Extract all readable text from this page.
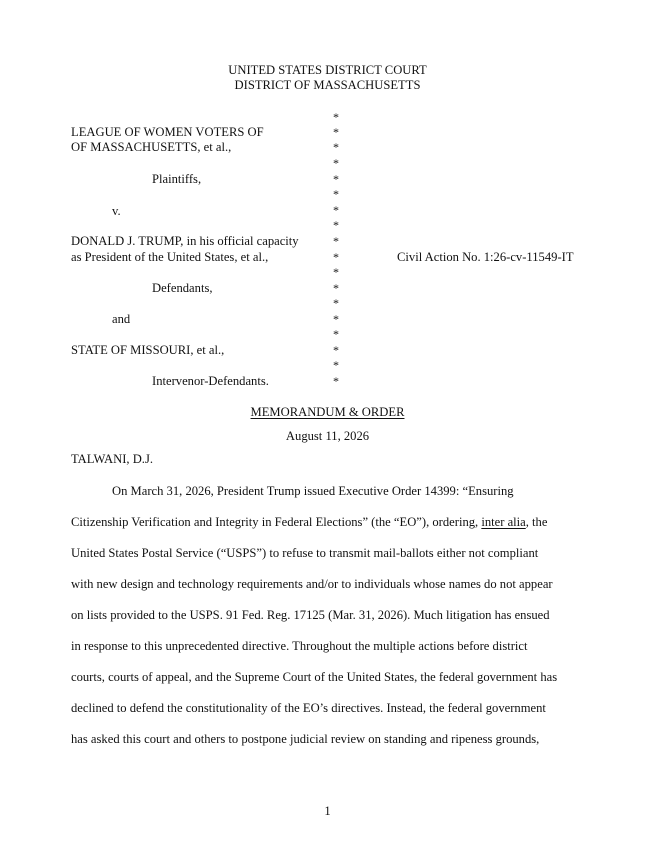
UNITED STATES DISTRICT COURT
DISTRICT OF MASSACHUSETTS
LEAGUE OF WOMEN VOTERS OF
OF MASSACHUSETTS, et al.,
Plaintiffs,
v.
DONALD J. TRUMP, in his official capacity
as President of the United States, et al.,
Defendants,
and
STATE OF MISSOURI, et al.,
Intervenor-Defendants.
*
*
*
*
*
*
*
*
*
*
*
*
*
*
*
*
*
*
Civil Action No. 1:26-cv-11549-IT
MEMORANDUM & ORDER
August 11, 2026
TALWANI, D.J.
On March 31, 2026, President Trump issued Executive Order 14399: “Ensuring
Citizenship Verification and Integrity in Federal Elections” (the “EO”), ordering, inter alia, the
United States Postal Service (“USPS”) to refuse to transmit mail-ballots either not compliant
with new design and technology requirements and/or to individuals whose names do not appear
on lists provided to the USPS. 91 Fed. Reg. 17125 (Mar. 31, 2026). Much litigation has ensued
in response to this unprecedented directive. Throughout the multiple actions before district
courts, courts of appeal, and the Supreme Court of the United States, the federal government has
declined to defend the constitutionality of the EO’s directives. Instead, the federal government
has asked this court and others to postpone judicial review on standing and ripeness grounds,
1
